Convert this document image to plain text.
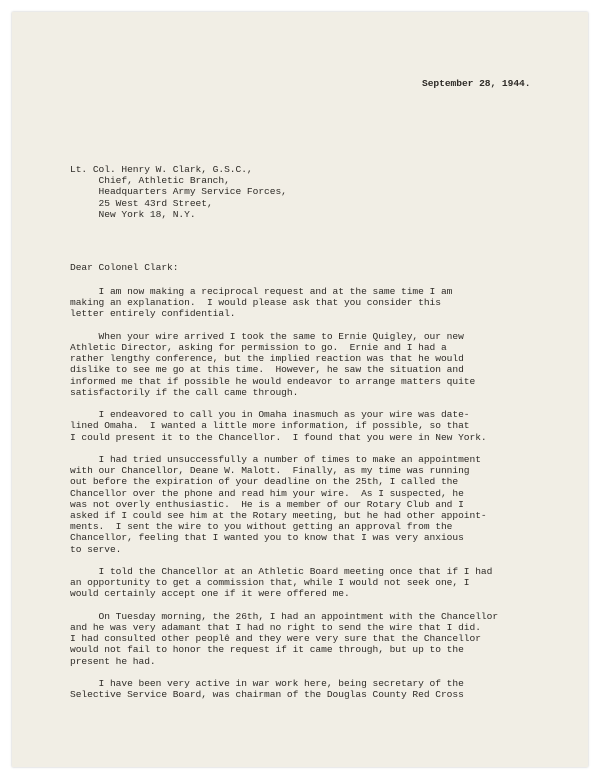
September 28, 1944.

Lt. Col. Henry W. Clark, G.S.C.,
Chief, Athletic Branch,
Headquarters Army Service Forces,
25 West 43rd Street,
New York 18, N.Y.

Dear Colonel Clark:

I am now making a reciprocal request and at the same time I am
making an explanation.  I would please ask that you consider this
letter entirely confidential.
When your wire arrived I took the same to Ernie Quigley, our new
Athletic Director, asking for permission to go.  Ernie and I had a
rather lengthy conference, but the implied reaction was that he would
dislike to see me go at this time.  However, he saw the situation and
informed me that if possible he would endeavor to arrange matters quite
satisfactorily if the call came through.
I endeavored to call you in Omaha inasmuch as your wire was date-
lined Omaha.  I wanted a little more information, if possible, so that
I could present it to the Chancellor.  I found that you were in New York.
I had tried unsuccessfully a number of times to make an appointment
with our Chancellor, Deane W. Malott.  Finally, as my time was running
out before the expiration of your deadline on the 25th, I called the
Chancellor over the phone and read him your wire.  As I suspected, he
was not overly enthusiastic.  He is a member of our Rotary Club and I
asked if I could see him at the Rotary meeting, but he had other appoint-
ments.  I sent the wire to you without getting an approval from the
Chancellor, feeling that I wanted you to know that I was very anxious
to serve.
I told the Chancellor at an Athletic Board meeting once that if I had
an opportunity to get a commission that, while I would not seek one, I
would certainly accept one if it were offered me.
On Tuesday morning, the 26th, I had an appointment with the Chancellor
and he was very adamant that I had no right to send the wire that I did.
I had consulted other peoplê and they were very sure that the Chancellor
would not fail to honor the request if it came through, but up to the
present he had.
I have been very active in war work here, being secretary of the
Selective Service Board, was chairman of the Douglas County Red Cross
